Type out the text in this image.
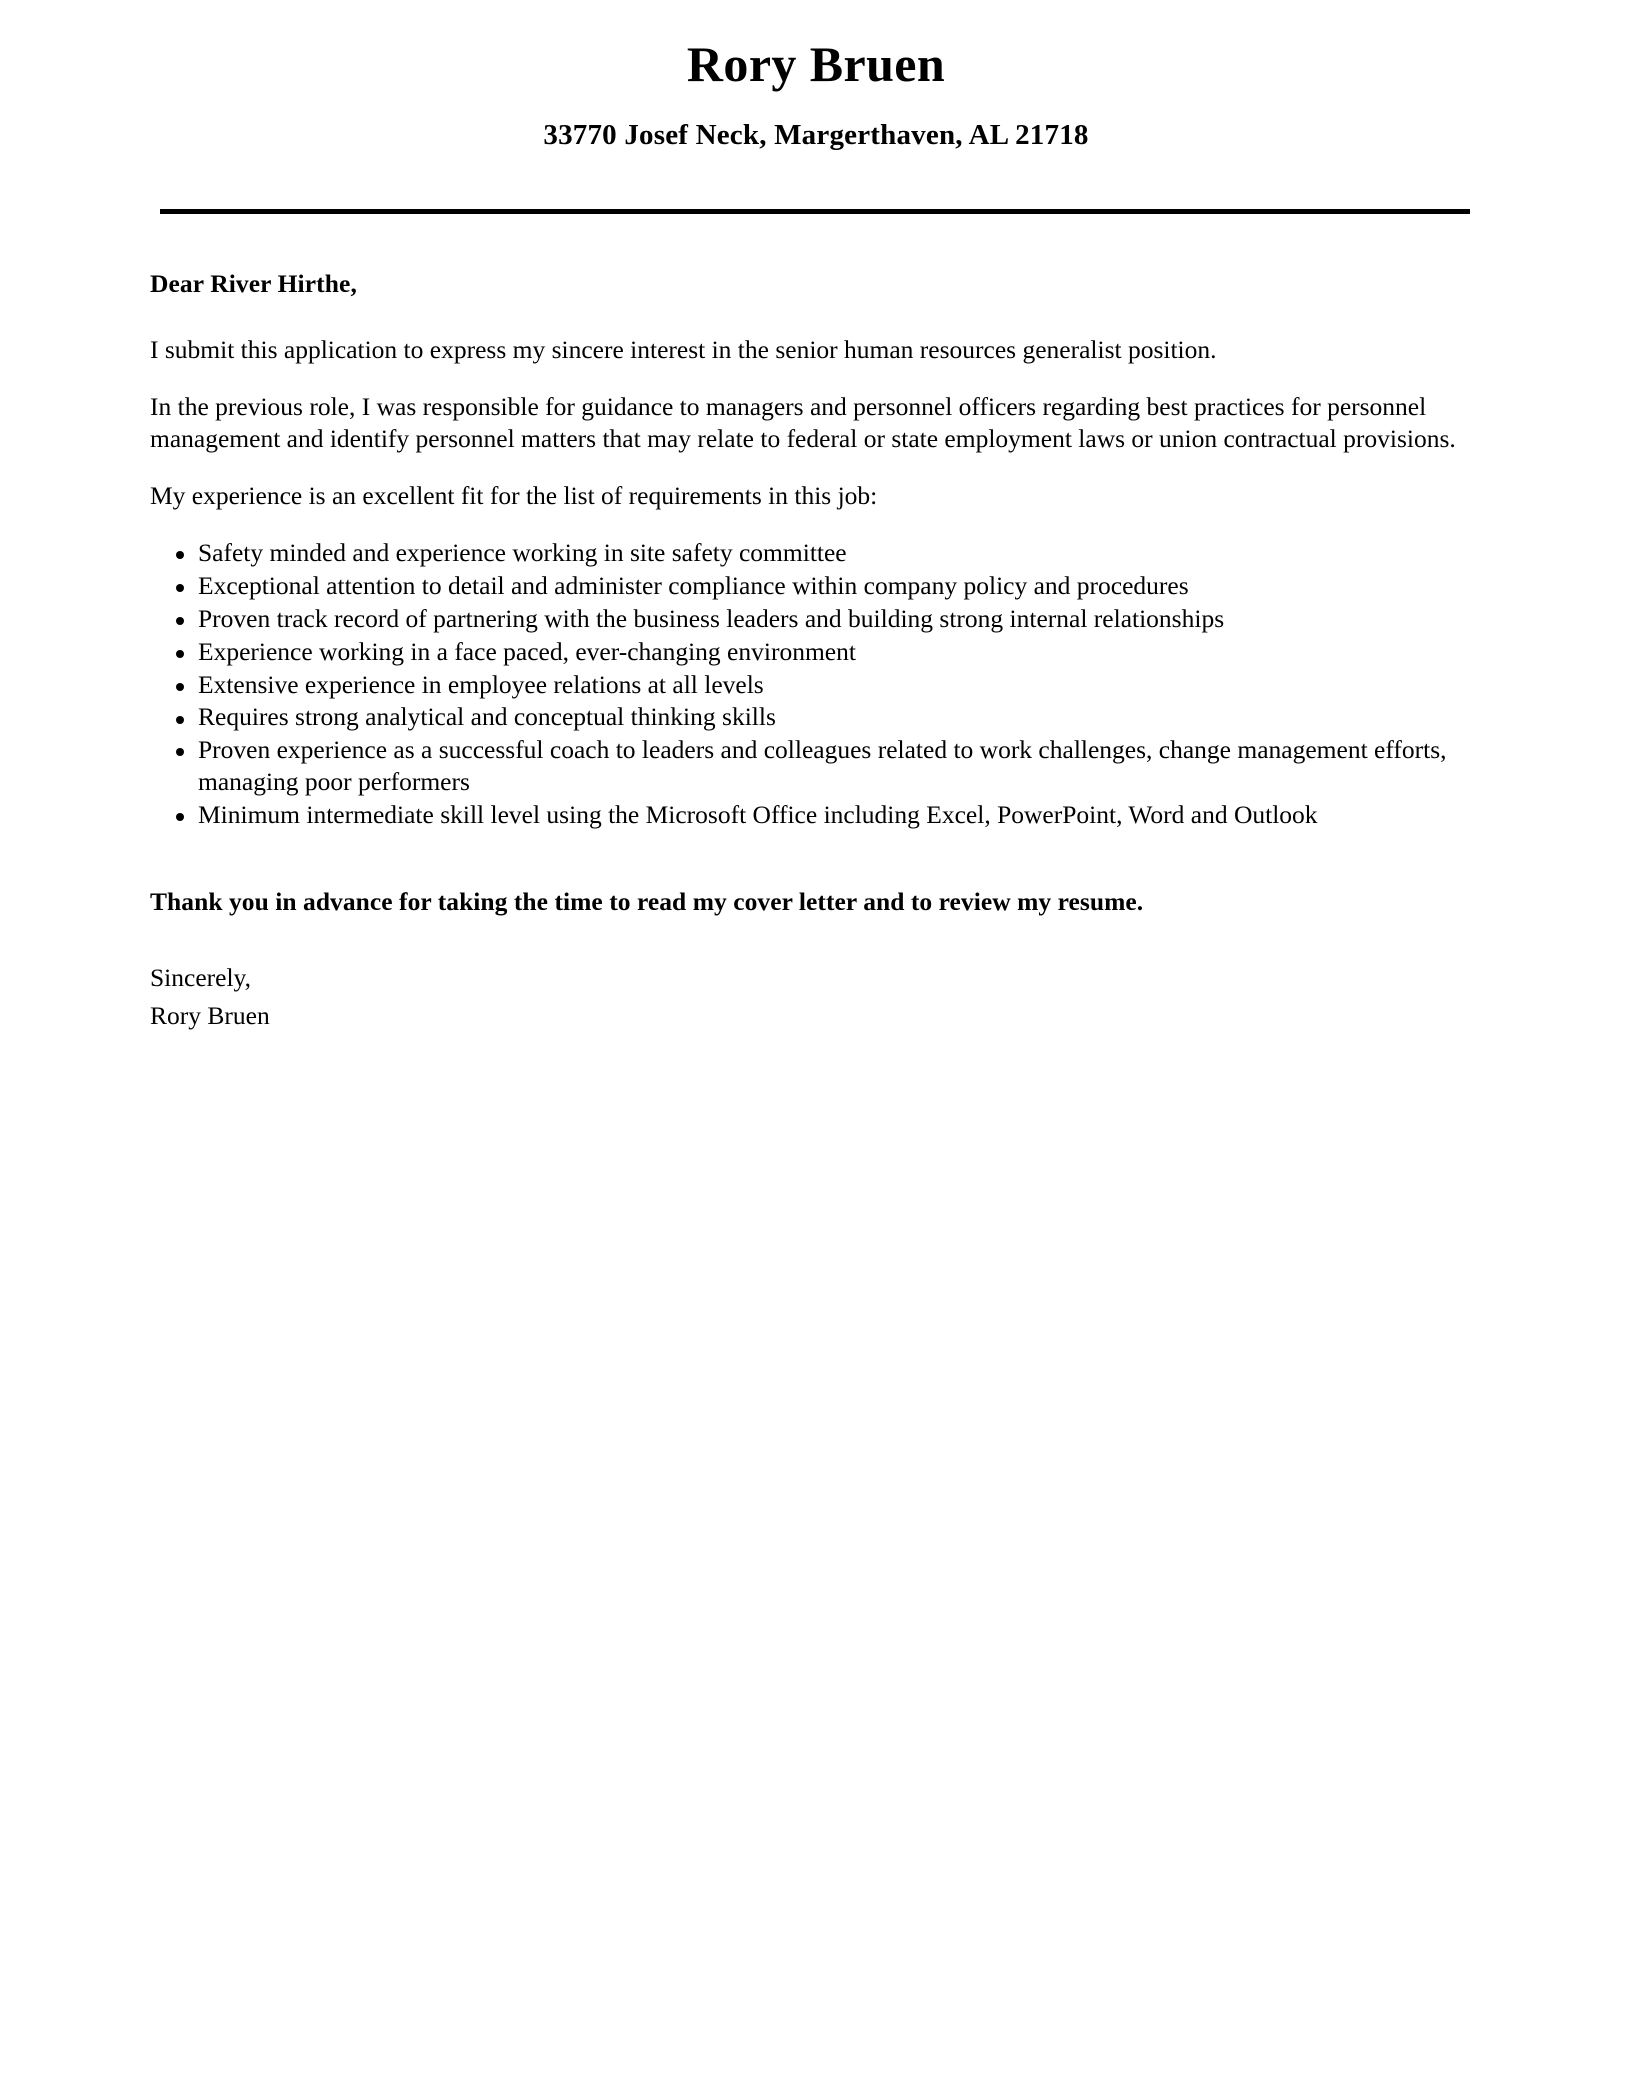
Rory Bruen
33770 Josef Neck, Margerthaven, AL 21718

Dear River Hirthe,

I submit this application to express my sincere interest in the senior human resources generalist position.

In the previous role, I was responsible for guidance to managers and personnel officers regarding best practices for personnel management and identify personnel matters that may relate to federal or state employment laws or union contractual provisions.

My experience is an excellent fit for the list of requirements in this job:

Safety minded and experience working in site safety committee
Exceptional attention to detail and administer compliance within company policy and procedures
Proven track record of partnering with the business leaders and building strong internal relationships
Experience working in a face paced, ever-changing environment
Extensive experience in employee relations at all levels
Requires strong analytical and conceptual thinking skills
Proven experience as a successful coach to leaders and colleagues related to work challenges, change management efforts, managing poor performers
Minimum intermediate skill level using the Microsoft Office including Excel, PowerPoint, Word and Outlook

Thank you in advance for taking the time to read my cover letter and to review my resume.

Sincerely,
Rory Bruen
